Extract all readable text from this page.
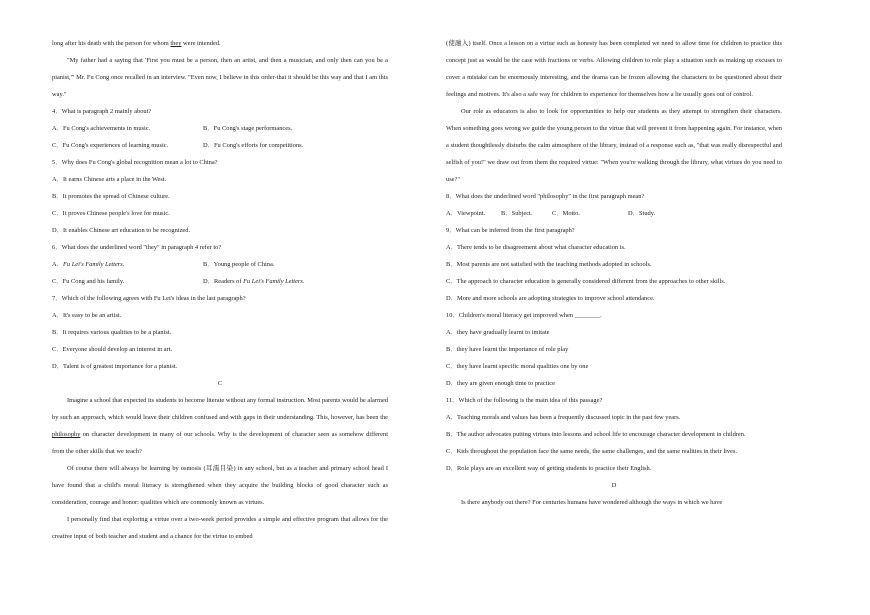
long after his death with the person for whom they were intended.

"My father had a saying that 'First you must be a person, then an artist, and then a musician, and only then can you be a pianist,'" Mr. Fu Cong once recalled in an interview. "Even now, I believe in this order-that it should be this way and that I am this way."

4．What is paragraph 2 mainly about?

A．Fu Cong's achievements in music.	B．Fu Cong's stage performances.
C．Fu Cong's experiences of learning music.	D．Fu Cong's efforts for competitions.

5．Why does Fu Cong's global recognition mean a lot to China?

A．It earns Chinese arts a place in the West.

B．It promotes the spread of Chinese culture.

C．It proves Chinese people's love for music.

D．It enables Chinese art education to be recognized.

6．What does the underlined word "they" in paragraph 4 refer to?

A．Fu Lei's Family Letters.	B．Young people of China.
C．Fu Cong and his family.	D．Readers of Fu Lei's Family Letters.

7．Which of the following agrees with Fu Lei's ideas in the last paragraph?

A．It's easy to be an artist.

B．It requires various qualities to be a pianist.

C．Everyone should develop an interest in art.

D．Talent is of greatest importance for a pianist.

C

Imagine a school that expected its students to become literate without any formal instruction. Most parents would be alarmed by such an approach, which would leave their children confused and with gaps in their understanding. This, however, has been the philosophy on character development in many of our schools. Why is the development of character seen as somehow different from the other skills that we teach?

Of course there will always be learning by osmosis (耳濡目染) in any school, but as a teacher and primary school head I have found that a child's moral literacy is strengthened when they acquire the building blocks of good character such as consideration, courage and honor: qualities which are commonly known as virtues.

I personally find that exploring a virtue over a two-week period provides a simple and effective program that allows for the creative input of both teacher and student and a chance for the virtue to embed

(使融入) itself. Once a lesson on a virtue such as honesty has been completed we need to allow time for children to practice this concept just as would be the case with fractions or verbs. Allowing children to role play a situation such as making up excuses to cover a mistake can be enormously interesting, and the drama can be frozen allowing the characters to be questioned about their feelings and motives. It's also a safe way for children to experience for themselves how a lie usually goes out of control.

Our role as educators is also to look for opportunities to help our students as they attempt to strengthen their characters. When something goes wrong we guide the young person to the virtue that will prevent it from happening again. For instance, when a student thoughtlessly disturbs the calm atmosphere of the library, instead of a response such as, "that was really disrespectful and selfish of you!" we draw out from them the required virtue: "When you're walking through the library, what virtues do you need to use?"

8．What does the underlined word "philosophy" in the first paragraph mean?

A．Viewpoint.	B．Subject.	C．Motto.	D．Study.

9．What can be inferred from the first paragraph?

A．There tends to be disagreement about what character education is.

B．Most parents are not satisfied with the teaching methods adopted in schools.

C．The approach to character education is generally considered different from the approaches to other skills.

D．More and more schools are adopting strategies to improve school attendance.

10．Children's moral literacy get improved when ________.

A．they have gradually learnt to imitate

B．they have learnt the importance of role play

C．they have learnt specific moral qualities one by one

D．they are given enough time to practice

11．Which of the following is the main idea of this passage?

A．Teaching morals and values has been a frequently discussed topic in the past few years.

B．The author advocates putting virtues into lessons and school life to encourage character development in children.

C．Kids throughout the population face the same needs, the same challenges, and the same realities in their lives.

D．Role plays are an excellent way of getting students to practice their English.

D

Is there anybody out there? For centuries humans have wondered although the ways in which we have
